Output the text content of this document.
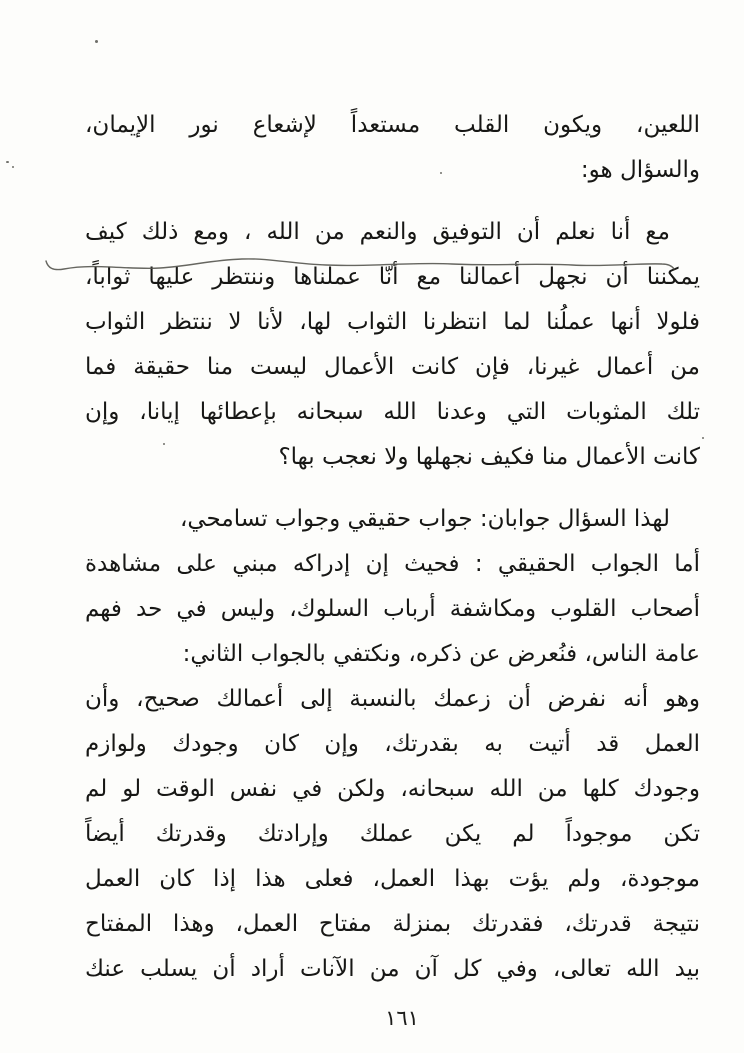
اللعين، ويكون القلب مستعداً لإشعاع نور الإيمان،

والسؤال هو:

مع أنا نعلم أن التوفيق والنعم من الله ، ومع ذلك كيف

يمكننا أن نجهل أعمالنا مع أنّا عملناها وننتظر عليها ثواباً،

فلولا أنها عملُنا لما انتظرنا الثواب لها، لأنا لا ننتظر الثواب

من أعمال غيرنا، فإن كانت الأعمال ليست منا حقيقة فما

تلك المثوبات التي وعدنا الله سبحانه بإعطائها إيانا، وإن

كانت الأعمال منا فكيف نجهلها ولا نعجب بها؟

لهذا السؤال جوابان: جواب حقيقي وجواب تسامحي،

أما الجواب الحقيقي : فحيث إن إدراكه مبني على مشاهدة

أصحاب القلوب ومكاشفة أرباب السلوك، وليس في حد فهم

عامة الناس، فنُعرض عن ذكره، ونكتفي بالجواب الثاني:

وهو أنه نفرض أن زعمك بالنسبة إلى أعمالك صحيح، وأن

العمل قد أتيت به بقدرتك، وإن كان وجودك ولوازم

وجودك كلها من الله سبحانه، ولكن في نفس الوقت لو لم

تكن موجوداً لم يكن عملك وإرادتك وقدرتك أيضاً

موجودة، ولم يؤت بهذا العمل، فعلى هذا إذا كان العمل

نتيجة قدرتك، فقدرتك بمنزلة مفتاح العمل، وهذا المفتاح

بيد الله تعالى، وفي كل آن من الآنات أراد أن يسلب عنك

١٦١
